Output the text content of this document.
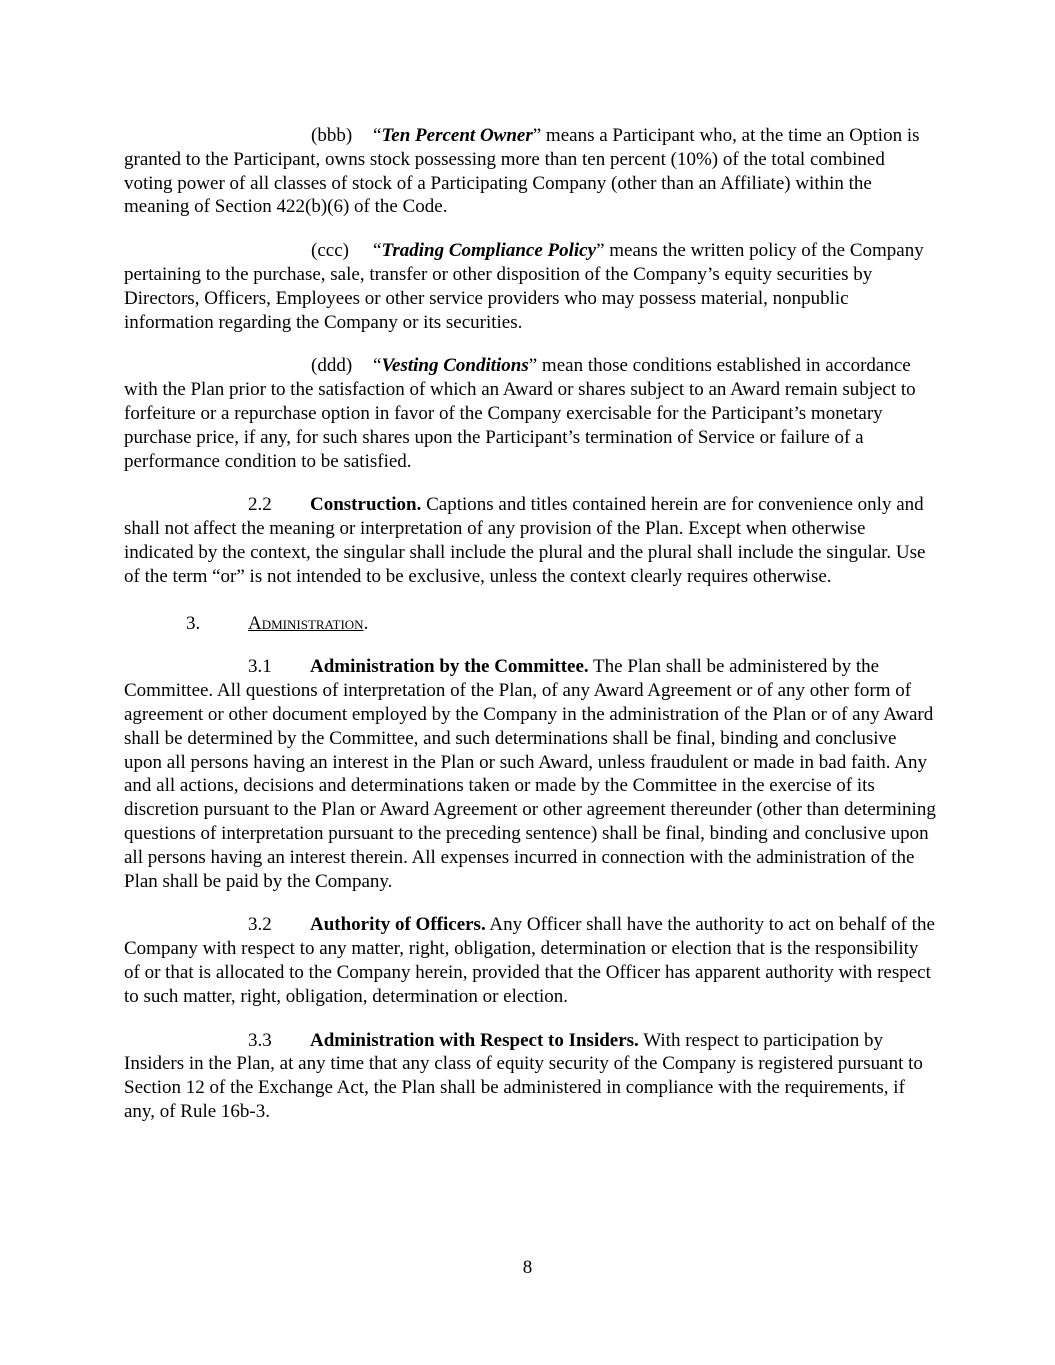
(bbb) “Ten Percent Owner” means a Participant who, at the time an Option is granted to the Participant, owns stock possessing more than ten percent (10%) of the total combined voting power of all classes of stock of a Participating Company (other than an Affiliate) within the meaning of Section 422(b)(6) of the Code.

(ccc) “Trading Compliance Policy” means the written policy of the Company pertaining to the purchase, sale, transfer or other disposition of the Company’s equity securities by Directors, Officers, Employees or other service providers who may possess material, nonpublic information regarding the Company or its securities.

(ddd) “Vesting Conditions” mean those conditions established in accordance with the Plan prior to the satisfaction of which an Award or shares subject to an Award remain subject to forfeiture or a repurchase option in favor of the Company exercisable for the Participant’s monetary purchase price, if any, for such shares upon the Participant’s termination of Service or failure of a performance condition to be satisfied.

2.2 Construction. Captions and titles contained herein are for convenience only and shall not affect the meaning or interpretation of any provision of the Plan. Except when otherwise indicated by the context, the singular shall include the plural and the plural shall include the singular. Use of the term “or” is not intended to be exclusive, unless the context clearly requires otherwise.

3.	Administration.

3.1 Administration by the Committee. The Plan shall be administered by the Committee. All questions of interpretation of the Plan, of any Award Agreement or of any other form of agreement or other document employed by the Company in the administration of the Plan or of any Award shall be determined by the Committee, and such determinations shall be final, binding and conclusive upon all persons having an interest in the Plan or such Award, unless fraudulent or made in bad faith. Any and all actions, decisions and determinations taken or made by the Committee in the exercise of its discretion pursuant to the Plan or Award Agreement or other agreement thereunder (other than determining questions of interpretation pursuant to the preceding sentence) shall be final, binding and conclusive upon all persons having an interest therein. All expenses incurred in connection with the administration of the Plan shall be paid by the Company.

3.2 Authority of Officers. Any Officer shall have the authority to act on behalf of the Company with respect to any matter, right, obligation, determination or election that is the responsibility of or that is allocated to the Company herein, provided that the Officer has apparent authority with respect to such matter, right, obligation, determination or election.

3.3 Administration with Respect to Insiders. With respect to participation by Insiders in the Plan, at any time that any class of equity security of the Company is registered pursuant to Section 12 of the Exchange Act, the Plan shall be administered in compliance with the requirements, if any, of Rule 16b-3.

8
